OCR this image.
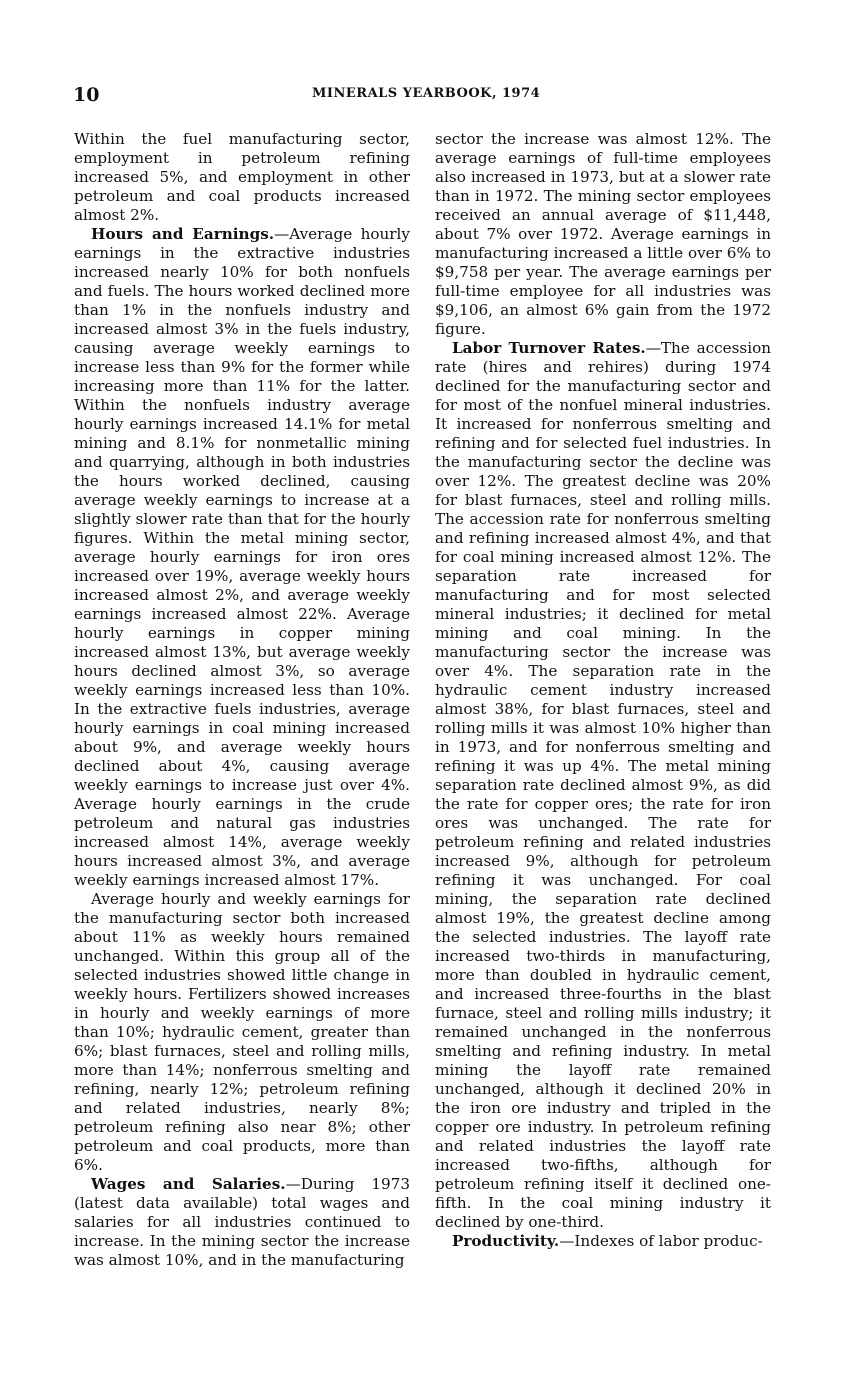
10	MINERALS YEARBOOK, 1974

Within the fuel manufacturing sector, employment in petroleum refining increased 5%, and employment in other petroleum and coal products increased almost 2%.

Hours and Earnings.—Average hourly earnings in the extractive industries increased nearly 10% for both nonfuels and fuels. The hours worked declined more than 1% in the nonfuels industry and increased almost 3% in the fuels industry, causing average weekly earnings to increase less than 9% for the former while increasing more than 11% for the latter. Within the nonfuels industry average hourly earnings increased 14.1% for metal mining and 8.1% for nonmetallic mining and quarrying, although in both industries the hours worked declined, causing average weekly earnings to increase at a slightly slower rate than that for the hourly figures. Within the metal mining sector, average hourly earnings for iron ores increased over 19%, average weekly hours increased almost 2%, and average weekly earnings increased almost 22%. Average hourly earnings in copper mining increased almost 13%, but average weekly hours declined almost 3%, so average weekly earnings increased less than 10%. In the extractive fuels industries, average hourly earnings in coal mining increased about 9%, and average weekly hours declined about 4%, causing average weekly earnings to increase just over 4%. Average hourly earnings in the crude petroleum and natural gas industries increased almost 14%, average weekly hours increased almost 3%, and average weekly earnings increased almost 17%.

Average hourly and weekly earnings for the manufacturing sector both increased about 11% as weekly hours remained unchanged. Within this group all of the selected industries showed little change in weekly hours. Fertilizers showed increases in hourly and weekly earnings of more than 10%; hydraulic cement, greater than 6%; blast furnaces, steel and rolling mills, more than 14%; nonferrous smelting and refining, nearly 12%; petroleum refining and related industries, nearly 8%; petroleum refining also near 8%; other petroleum and coal products, more than 6%.

Wages and Salaries.—During 1973 (latest data available) total wages and salaries for all industries continued to increase. In the mining sector the increase was almost 10%, and in the manufacturing

sector the increase was almost 12%. The average earnings of full-time employees also increased in 1973, but at a slower rate than in 1972. The mining sector employees received an annual average of $11,448, about 7% over 1972. Average earnings in manufacturing increased a little over 6% to $9,758 per year. The average earnings per full-time employee for all industries was $9,106, an almost 6% gain from the 1972 figure.

Labor Turnover Rates.—The accession rate (hires and rehires) during 1974 declined for the manufacturing sector and for most of the nonfuel mineral industries. It increased for nonferrous smelting and refining and for selected fuel industries. In the manufacturing sector the decline was over 12%. The greatest decline was 20% for blast furnaces, steel and rolling mills. The accession rate for nonferrous smelting and refining increased almost 4%, and that for coal mining increased almost 12%. The separation rate increased for manufacturing and for most selected mineral industries; it declined for metal mining and coal mining. In the manufacturing sector the increase was over 4%. The separation rate in the hydraulic cement industry increased almost 38%, for blast furnaces, steel and rolling mills it was almost 10% higher than in 1973, and for nonferrous smelting and refining it was up 4%. The metal mining separation rate declined almost 9%, as did the rate for copper ores; the rate for iron ores was unchanged. The rate for petroleum refining and related industries increased 9%, although for petroleum refining it was unchanged. For coal mining, the separation rate declined almost 19%, the greatest decline among the selected industries. The layoff rate increased two-thirds in manufacturing, more than doubled in hydraulic cement, and increased three-fourths in the blast furnace, steel and rolling mills industry; it remained unchanged in the nonferrous smelting and refining industry. In metal mining the layoff rate remained unchanged, although it declined 20% in the iron ore industry and tripled in the copper ore industry. In petroleum refining and related industries the layoff rate increased two-fifths, although for petroleum refining itself it declined one-fifth. In the coal mining industry it declined by one-third.

Productivity.—Indexes of labor produc-
